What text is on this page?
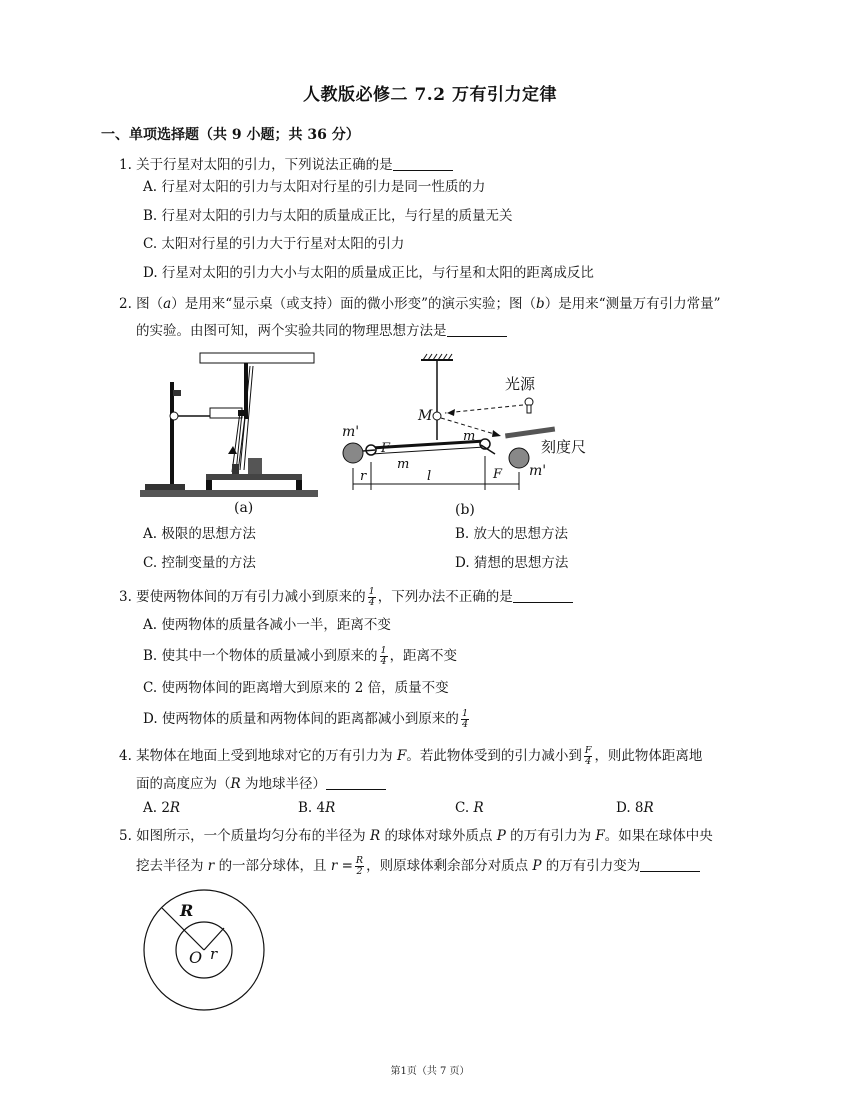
人教版必修二 7.2 万有引力定律
一、单项选择题（共 9 小题；共 36 分）
1. 关于行星对太阳的引力，下列说法正确的是
A. 行星对太阳的引力与太阳对行星的引力是同一性质的力
B. 行星对太阳的引力与太阳的质量成正比，与行星的质量无关
C. 太阳对行星的引力大于行星对太阳的引力
D. 行星对太阳的引力大小与太阳的质量成正比，与行星和太阳的距离成反比
2. 图（a）是用来“显示桌（或支持）面的微小形变”的演示实验；图（b）是用来“测量万有引力常量”
的实验。由图可知，两个实验共同的物理思想方法是
(a)
M
光源
刻度尺
m'
m'
F
F
m
m
r	l
(b)
A. 极限的思想方法	B. 放大的思想方法
C. 控制变量的方法	D. 猜想的思想方法
3. 要使两物体间的万有引力减小到原来的 $\frac{1}{4}$ ，下列办法不正确的是
A. 使两物体的质量各减小一半，距离不变
B. 使其中一个物体的质量减小到原来的 $\frac{1}{4}$ ，距离不变
C. 使两物体间的距离增大到原来的 2 倍，质量不变
D. 使两物体的质量和两物体间的距离都减小到原来的 $\frac{1}{4}$
4. 某物体在地面上受到地球对它的万有引力为 F。若此物体受到的引力减小到 $\frac{F}{4}$ ，则此物体距离地
面的高度应为（R 为地球半径）
A. 2R	B. 4R	C. R	D. 8R
5. 如图所示，一个质量均匀分布的半径为 R 的球体对球外质点 P 的万有引力为 F。如果在球体中央
挖去半径为 r 的一部分球体，且 $r = \frac{R}{2}$ ，则原球体剩余部分对质点 P 的万有引力变为
R
O r
第1页（共 7 页）
